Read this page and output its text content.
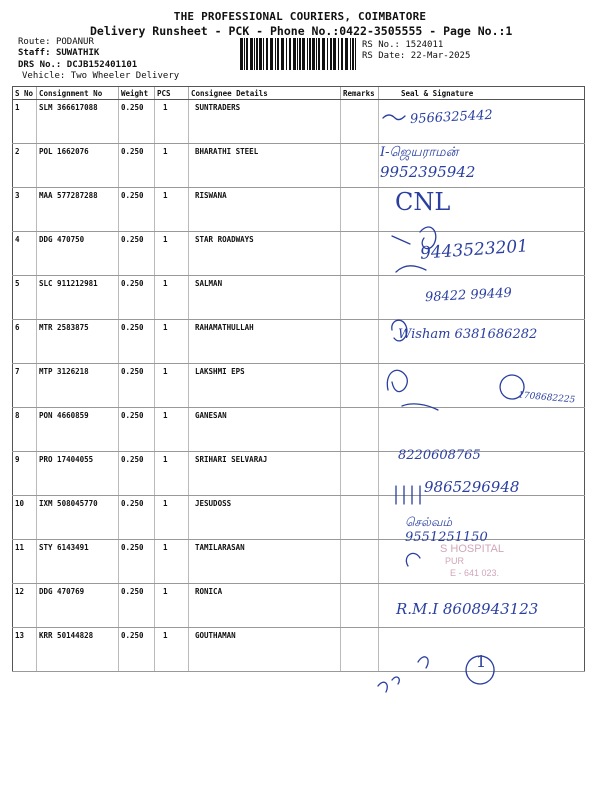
THE PROFESSIONAL COURIERS, COIMBATORE
Delivery Runsheet - PCK - Phone No.:0422-3505555 - Page No.:1
Route: PODANUR
Staff: SUWATHIK
DRS No.: DCJB152401101
Vehicle: Two Wheeler Delivery
RS No.: 1524011
RS Date: 22-Mar-2025
S No	Consignment No	Weight	PCS	Consignee Details	Remarks	Seal & Signature
1	SLM 366617088	0.250	1	SUNTRADERS		
2	POL 1662076	0.250	1	BHARATHI STEEL		
3	MAA 577287288	0.250	1	RISWANA		
4	DDG 470750	0.250	1	STAR ROADWAYS		
5	SLC 911212981	0.250	1	SALMAN		
6	MTR 2583875	0.250	1	RAHAMATHULLAH		
7	MTP 3126218	0.250	1	LAKSHMI EPS		
8	PON 4660859	0.250	1	GANESAN		
9	PRO 17404055	0.250	1	SRIHARI SELVARAJ		
10	IXM 508045770	0.250	1	JESUDOSS		
11	STY 6143491	0.250	1	TAMILARASAN		
12	DDG 470769	0.250	1	RONICA		
13	KRR 50144828	0.250	1	GOUTHAMAN		
9566325442
I-ஜெயராமன்
9952395942
CNL
9443523201
98422 99449
Wisham 6381686282
1708682225
8220608765
9865296948
செல்வம்
9551251150
R.M.I 8608943123
1
S HOSPITAL
PUR
E - 641 023.
